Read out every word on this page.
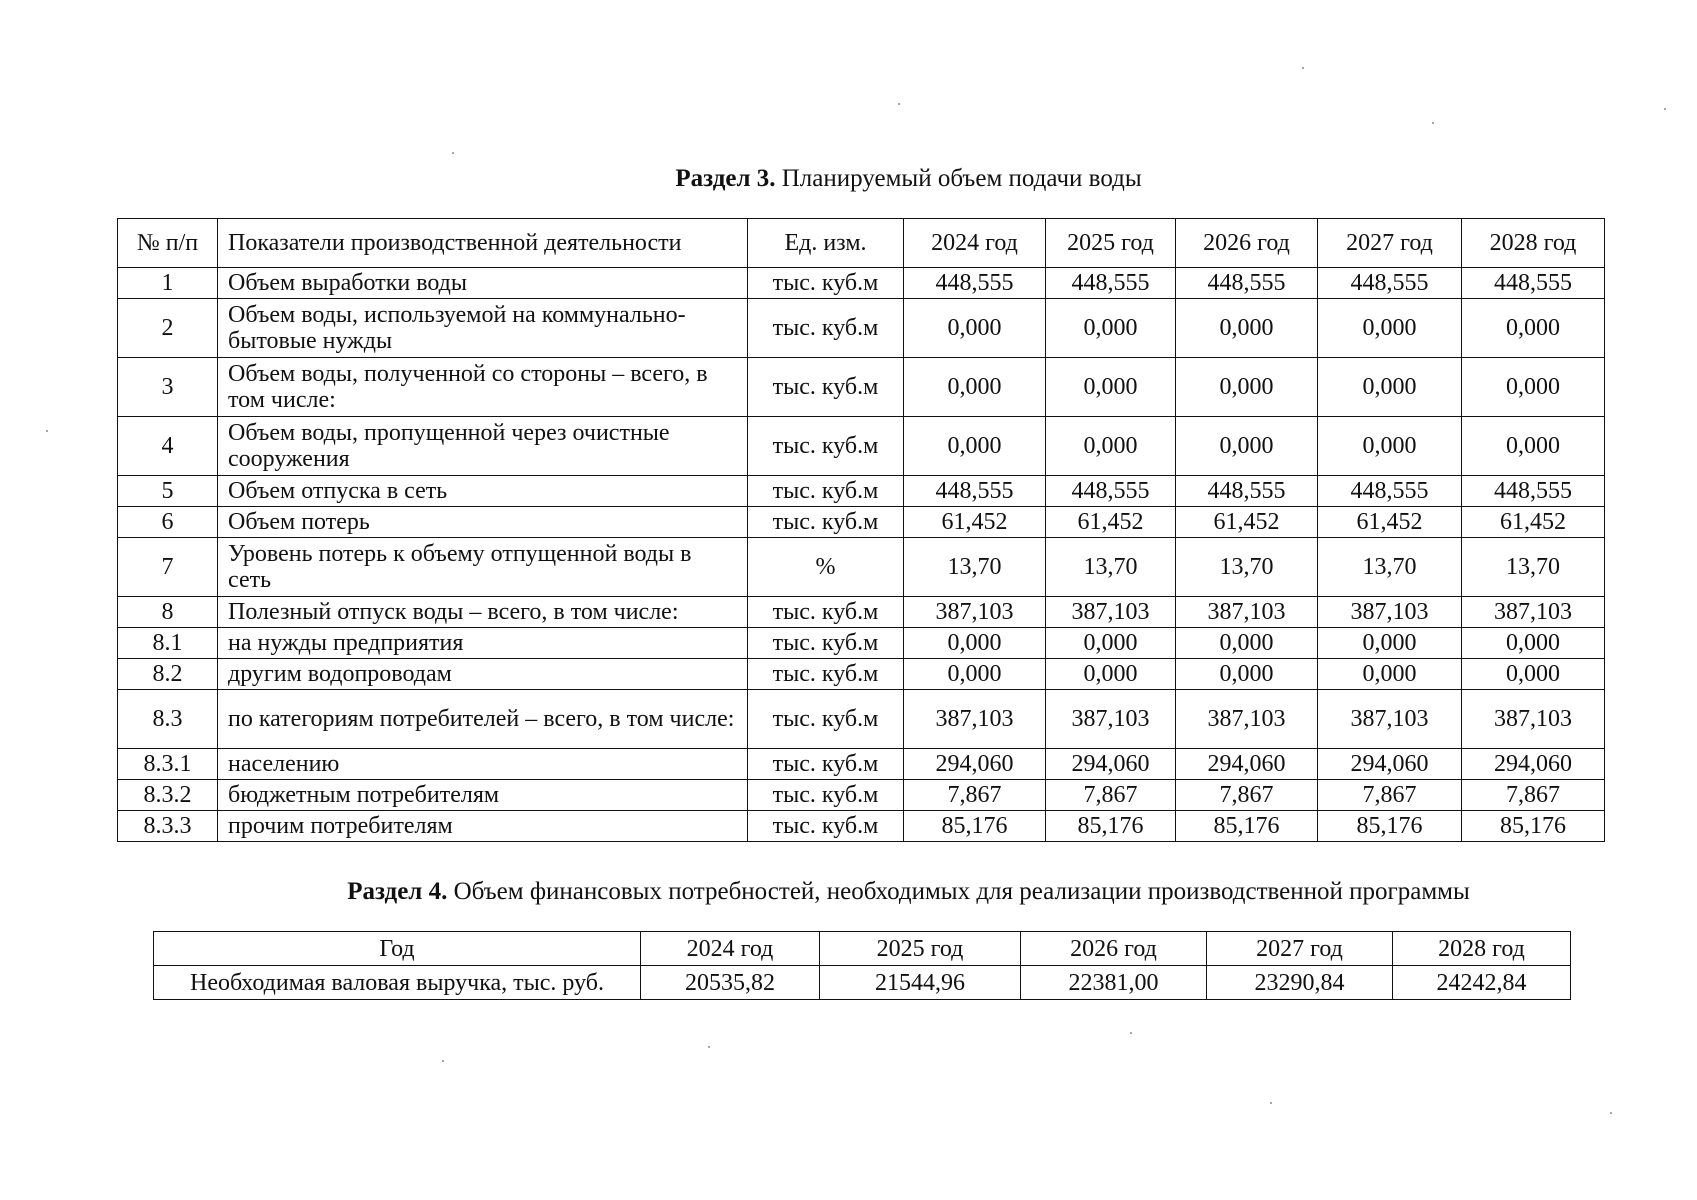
Раздел 3. Планируемый объем подачи воды
№ п/п	Показатели производственной деятельности	Ед. изм.	2024 год	2025 год	2026 год	2027 год	2028 год
1	Объем выработки воды	тыс. куб.м	448,555	448,555	448,555	448,555	448,555
2	Объем воды, используемой на коммунально-бытовые нужды	тыс. куб.м	0,000	0,000	0,000	0,000	0,000
3	Объем воды, полученной со стороны – всего, в том числе:	тыс. куб.м	0,000	0,000	0,000	0,000	0,000
4	Объем воды, пропущенной через очистные сооружения	тыс. куб.м	0,000	0,000	0,000	0,000	0,000
5	Объем отпуска в сеть	тыс. куб.м	448,555	448,555	448,555	448,555	448,555
6	Объем потерь	тыс. куб.м	61,452	61,452	61,452	61,452	61,452
7	Уровень потерь к объему отпущенной воды в сеть	%	13,70	13,70	13,70	13,70	13,70
8	Полезный отпуск воды – всего, в том числе:	тыс. куб.м	387,103	387,103	387,103	387,103	387,103
8.1	на нужды предприятия	тыс. куб.м	0,000	0,000	0,000	0,000	0,000
8.2	другим водопроводам	тыс. куб.м	0,000	0,000	0,000	0,000	0,000
8.3	по категориям потребителей – всего, в том числе:	тыс. куб.м	387,103	387,103	387,103	387,103	387,103
8.3.1	населению	тыс. куб.м	294,060	294,060	294,060	294,060	294,060
8.3.2	бюджетным потребителям	тыс. куб.м	7,867	7,867	7,867	7,867	7,867
8.3.3	прочим потребителям	тыс. куб.м	85,176	85,176	85,176	85,176	85,176
Раздел 4. Объем финансовых потребностей, необходимых для реализации производственной программы
Год	2024 год	2025 год	2026 год	2027 год	2028 год
Необходимая валовая выручка, тыс. руб.	20535,82	21544,96	22381,00	23290,84	24242,84
